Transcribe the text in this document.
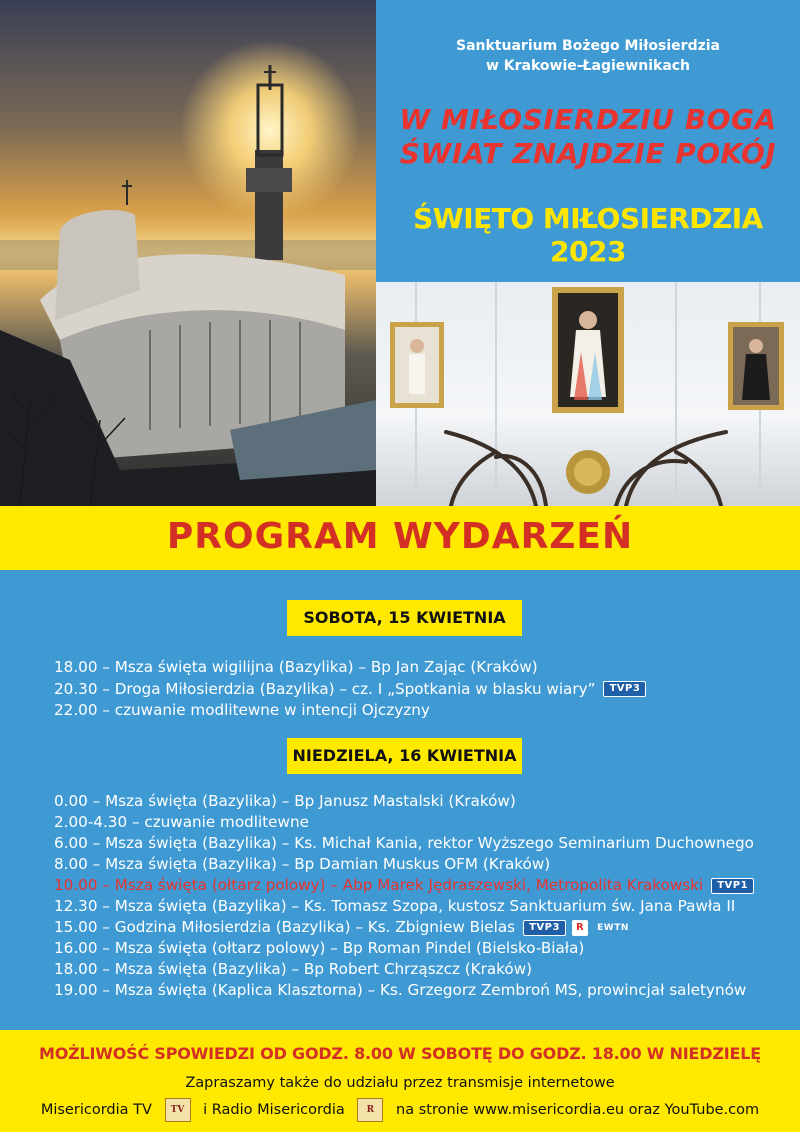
Sanktuarium Bożego Miłosierdzia
w Krakowie-Łagiewnikach
W MIŁOSIERDZIU BOGA
ŚWIAT ZNAJDZIE POKÓJ
ŚWIĘTO MIŁOSIERDZIA 2023
PROGRAM WYDARZEŃ
SOBOTA, 15 KWIETNIA
18.00 – Msza święta wigilijna (Bazylika) – Bp Jan Zając (Kraków)
20.30 – Droga Miłosierdzia (Bazylika) – cz. I „Spotkania w blasku wiary” TVP3
22.00 – czuwanie modlitewne w intencji Ojczyzny
NIEDZIELA, 16 KWIETNIA
0.00 – Msza święta (Bazylika) – Bp Janusz Mastalski (Kraków)
2.00-4.30 – czuwanie modlitewne
6.00 – Msza święta (Bazylika) – Ks. Michał Kania, rektor Wyższego Seminarium Duchownego
8.00 – Msza święta (Bazylika) – Bp Damian Muskus OFM (Kraków)
10.00 – Msza święta (ołtarz polowy) – Abp Marek Jędraszewski, Metropolita Krakowski TVP1
12.30 – Msza święta (Bazylika) – Ks. Tomasz Szopa, kustosz Sanktuarium św. Jana Pawła II
15.00 – Godzina Miłosierdzia (Bazylika) – Ks. Zbigniew Bielas TVP3 R EWTN
16.00 – Msza święta (ołtarz polowy) – Bp Roman Pindel (Bielsko-Biała)
18.00 – Msza święta (Bazylika) – Bp Robert Chrząszcz (Kraków)
19.00 – Msza święta (Kaplica Klasztorna) – Ks. Grzegorz Zembroń MS, prowincjał saletynów
MOŻLIWOŚĆ SPOWIEDZI OD GODZ. 8.00 W SOBOTĘ DO GODZ. 18.00 W NIEDZIELĘ
Zapraszamy także do udziału przez transmisje internetowe
Misericordia TV TV i Radio Misericordia R na stronie www.misericordia.eu oraz YouTube.com
